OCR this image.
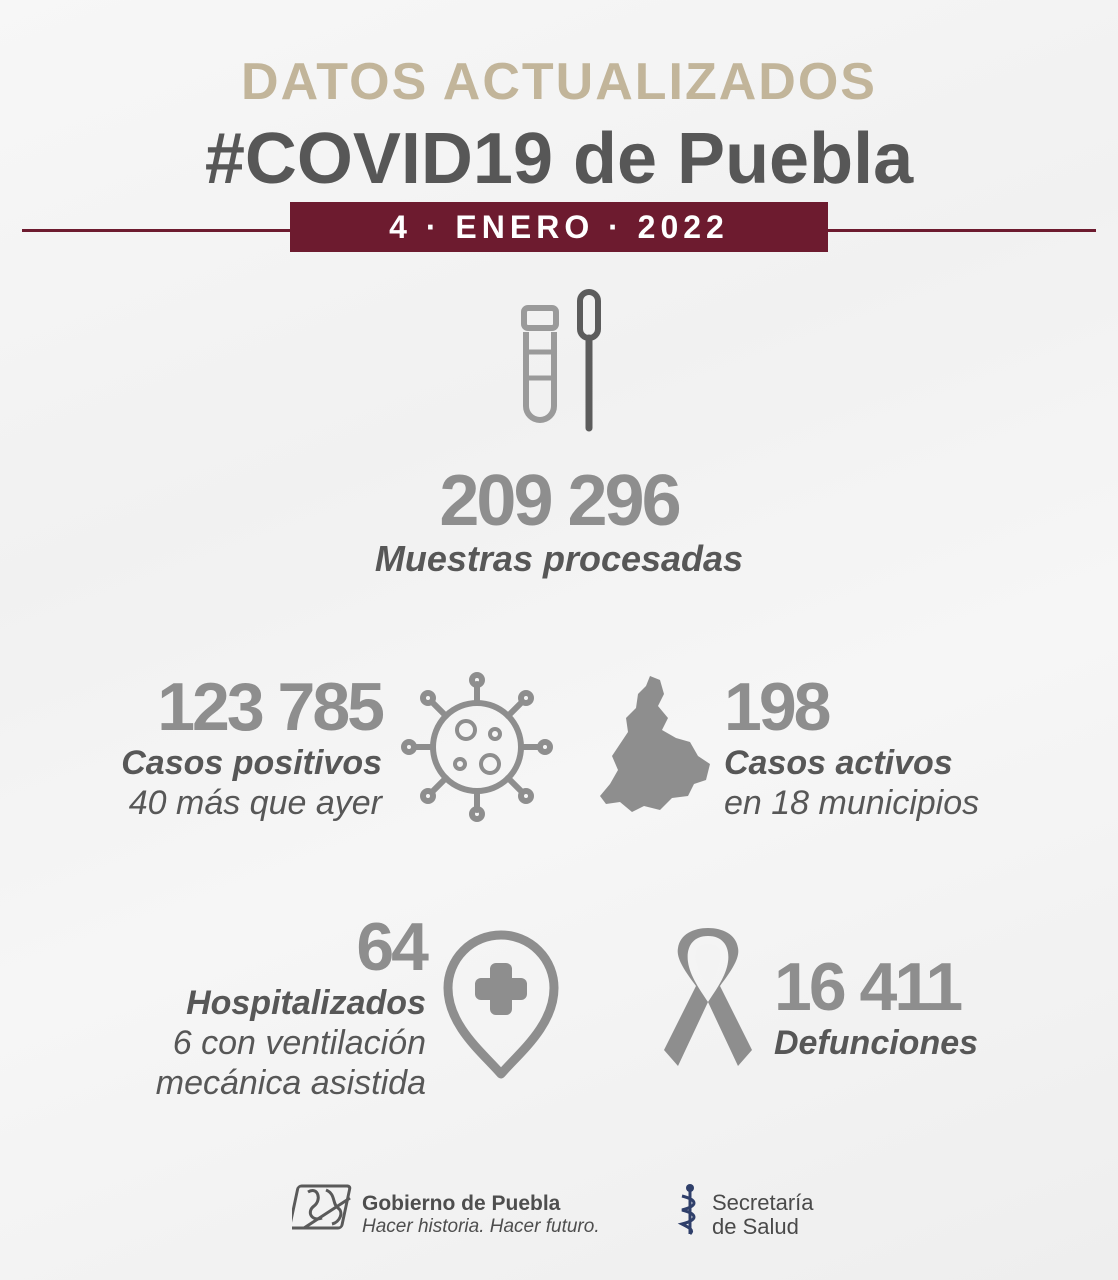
DATOS ACTUALIZADOS
#COVID19 de Puebla
4 · ENERO · 2022
209 296
Muestras procesadas
123 785
Casos positivos
40 más que ayer
198
Casos activos
en 18 municipios
64
Hospitalizados
6 con ventilación
mecánica asistida
16 411
Defunciones
Gobierno de Puebla
Hacer historia. Hacer futuro.
Secretaría
de Salud
